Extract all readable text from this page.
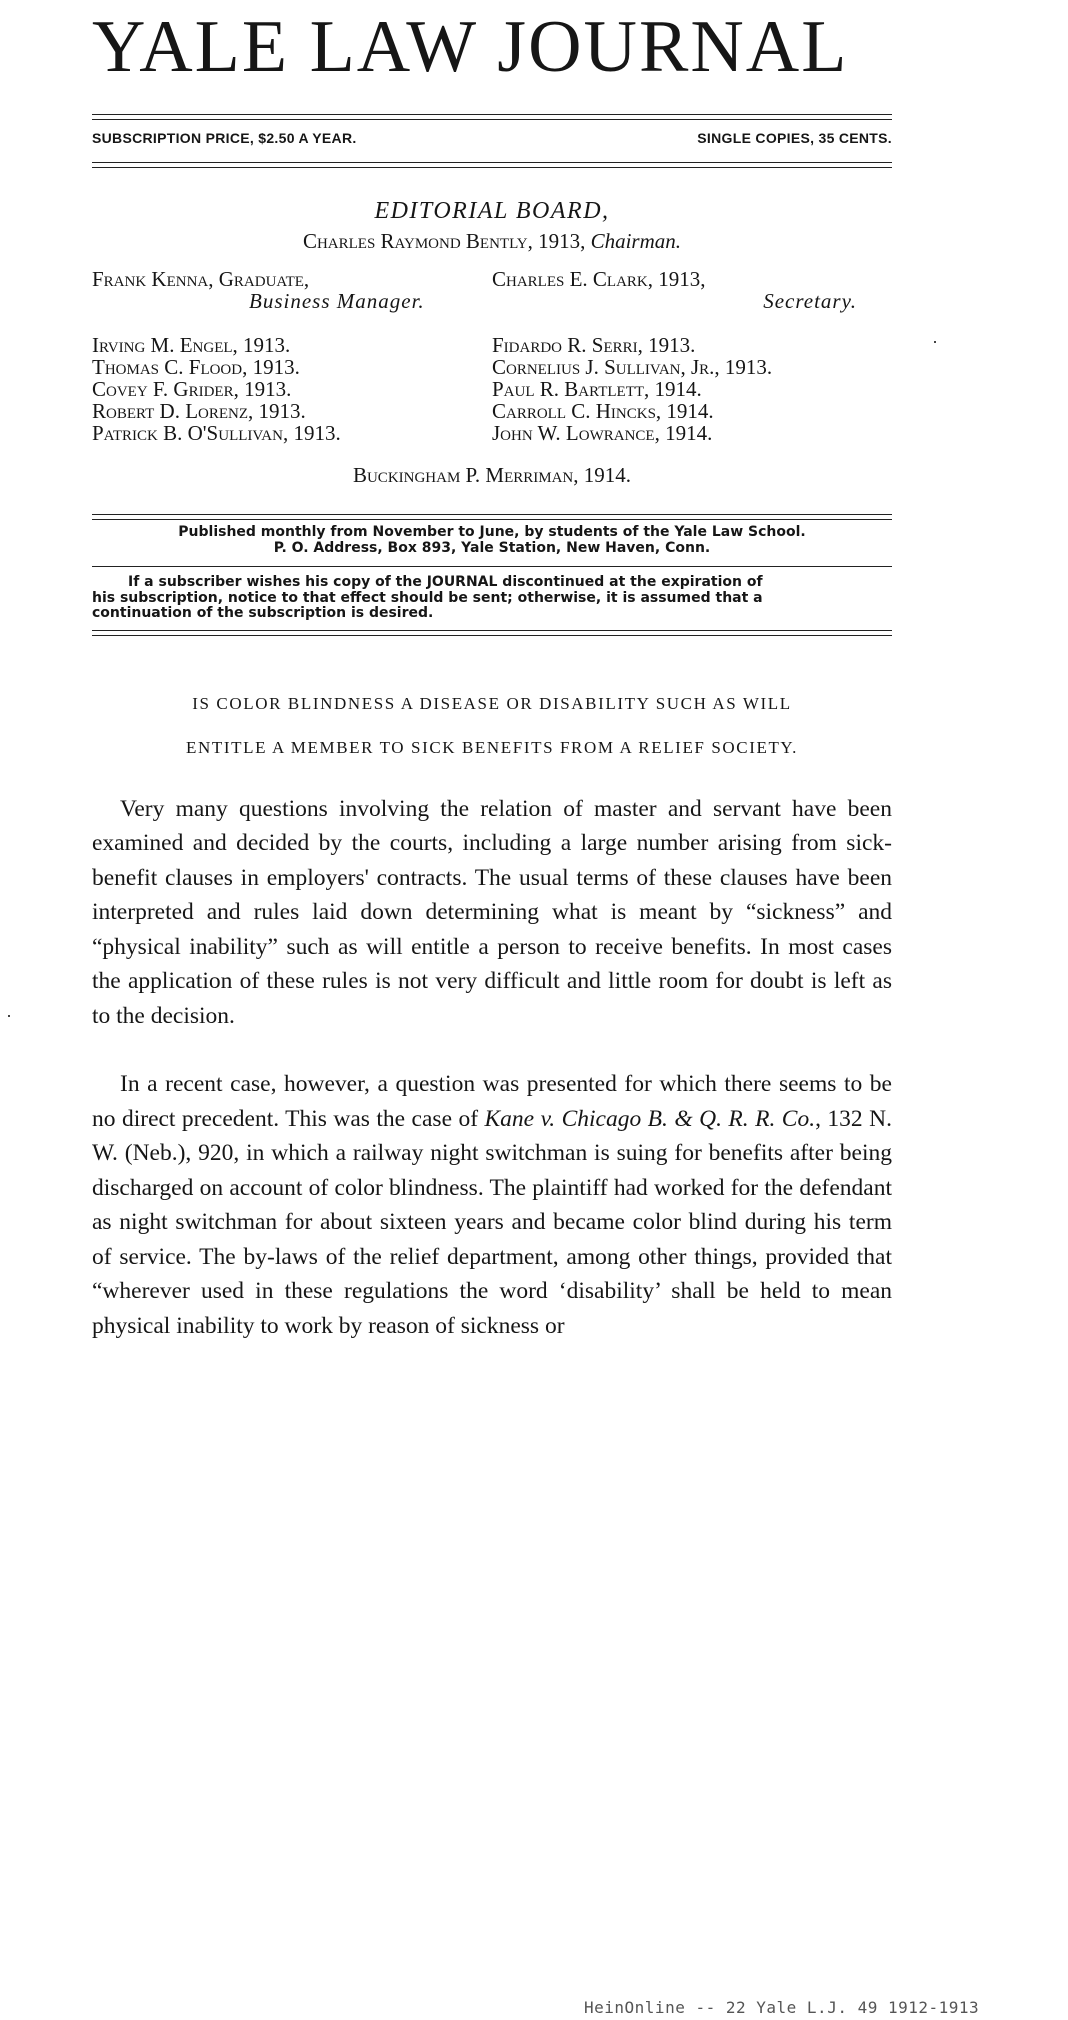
YALE LAW JOURNAL
SUBSCRIPTION PRICE, $2.50 A YEAR.	SINGLE COPIES, 35 CENTS.
EDITORIAL BOARD,
Charles Raymond Bently, 1913, Chairman.
Frank Kenna, Graduate,
Business Manager.
Irving M. Engel, 1913.
Thomas C. Flood, 1913.
Covey F. Grider, 1913.
Robert D. Lorenz, 1913.
Patrick B. O'Sullivan, 1913.
Charles E. Clark, 1913,
Secretary.
Fidardo R. Serri, 1913.
Cornelius J. Sullivan, Jr., 1913.
Paul R. Bartlett, 1914.
Carroll C. Hincks, 1914.
John W. Lowrance, 1914.
Buckingham P. Merriman, 1914.
Published monthly from November to June, by students of the Yale Law School.
P. O. Address, Box 893, Yale Station, New Haven, Conn.
If a subscriber wishes his copy of the JOURNAL discontinued at the expiration of
his subscription, notice to that effect should be sent; otherwise, it is assumed that a
continuation of the subscription is desired.
IS COLOR BLINDNESS A DISEASE OR DISABILITY SUCH AS WILL
ENTITLE A MEMBER TO SICK BENEFITS FROM A RELIEF SOCIETY.

Very many questions involving the relation of master and servant have been examined and decided by the courts, including a large number arising from sick-benefit clauses in employers' contracts. The usual terms of these clauses have been interpreted and rules laid down determining what is meant by “sickness” and “physical inability” such as will entitle a person to receive benefits. In most cases the application of these rules is not very difficult and little room for doubt is left as to the decision.

In a recent case, however, a question was presented for which there seems to be no direct precedent. This was the case of Kane v. Chicago B. & Q. R. R. Co., 132 N. W. (Neb.), 920, in which a railway night switchman is suing for benefits after being discharged on account of color blindness. The plaintiff had worked for the defendant as night switchman for about sixteen years and became color blind during his term of service. The by-laws of the relief department, among other things, provided that “wherever used in these regulations the word ‘disability’ shall be held to mean physical inability to work by reason of sickness or

HeinOnline -- 22 Yale L.J. 49 1912-1913
